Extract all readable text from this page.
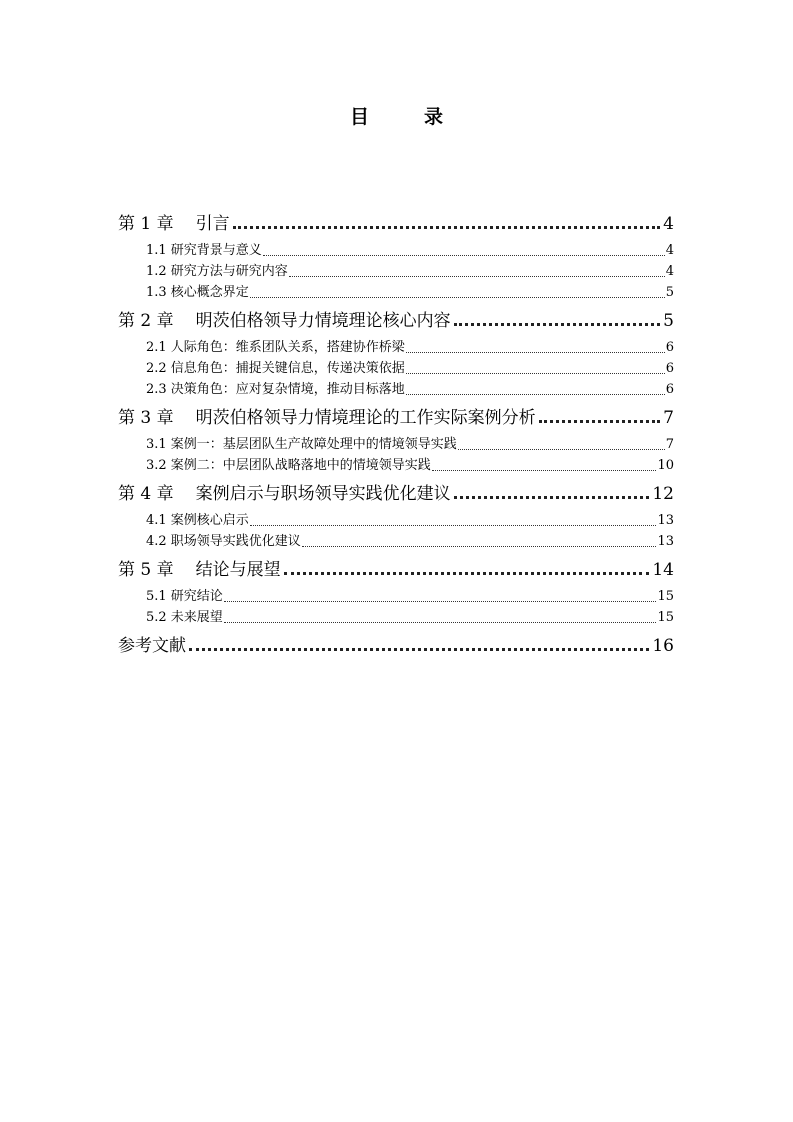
目　录
第 1 章 引言	4
1.1 研究背景与意义	4
1.2 研究方法与研究内容	4
1.3 核心概念界定	5
第 2 章 明茨伯格领导力情境理论核心内容	5
2.1 人际角色：维系团队关系，搭建协作桥梁	6
2.2 信息角色：捕捉关键信息，传递决策依据	6
2.3 决策角色：应对复杂情境，推动目标落地	6
第 3 章 明茨伯格领导力情境理论的工作实际案例分析	7
3.1 案例一：基层团队生产故障处理中的情境领导实践	7
3.2 案例二：中层团队战略落地中的情境领导实践	10
第 4 章 案例启示与职场领导实践优化建议	12
4.1 案例核心启示	13
4.2 职场领导实践优化建议	13
第 5 章 结论与展望	14
5.1 研究结论	15
5.2 未来展望	15
参考文献	16
